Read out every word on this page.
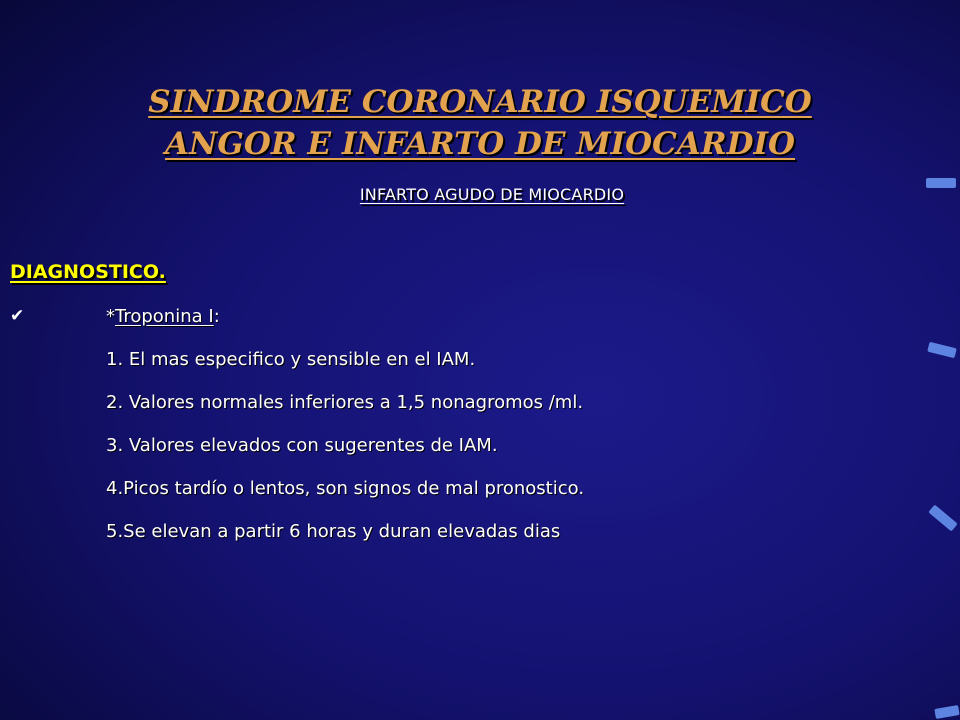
SINDROME CORONARIO ISQUEMICO
ANGOR E INFARTO DE MIOCARDIO
INFARTO AGUDO DE MIOCARDIO
DIAGNOSTICO.
✔	*Troponina I:
1. El mas especifico y sensible en el IAM.
2. Valores normales inferiores a 1,5 nonagromos /ml.
3. Valores elevados con sugerentes de IAM.
4.Picos tardío o lentos, son signos de mal pronostico.
5.Se elevan a partir 6 horas y duran elevadas dias
